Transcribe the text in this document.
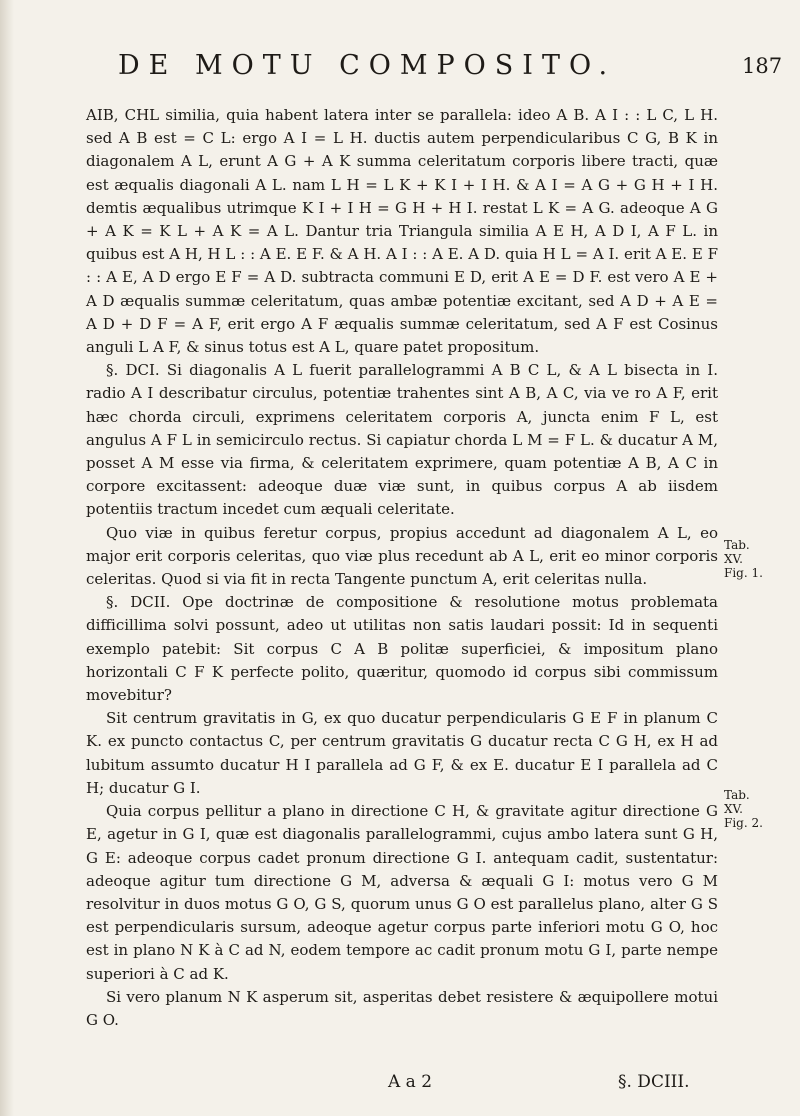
DE MOTU COMPOSITO.	187

AIB, CHL similia, quia habent latera inter se parallela: ideo A B. A I : : L C, L H. sed A B est = C L: ergo A I = L H. ductis autem perpendicularibus C G, B K in diagonalem A L, erunt A G + A K summa celeritatum corporis libere tracti, quæ est æqualis diagonali A L. nam L H = L K + K I + I H. & A I = A G + G H + I H. demtis æqualibus utrimque K I + I H = G H + H I. restat L K = A G. adeoque A G + A K = K L + A K = A L. Dantur tria Triangula similia A E H, A D I, A F L. in quibus est A H, H L : : A E. E F. & A H. A I : : A E. A D. quia H L = A I. erit A E. E F : : A E, A D ergo E F = A D. subtracta communi E D, erit A E = D F. est vero A E + A D æqualis summæ celeritatum, quas ambæ potentiæ excitant, sed A D + A E = A D + D F = A F, erit ergo A F æqualis summæ celeritatum, sed A F est Cosinus anguli L A F, & sinus totus est A L, quare patet propositum.

§. DCI. Si diagonalis A L fuerit parallelogrammi A B C L, & A L bisecta in I. radio A I describatur circulus, potentiæ trahentes sint A B, A C, via ve ro A F, erit hæc chorda circuli, exprimens celeritatem corporis A, juncta enim F L, est angulus A F L in semicirculo rectus. Si capiatur chorda L M = F L. & ducatur A M, posset A M esse via firma, & celeritatem exprimere, quam potentiæ A B, A C in corpore excitassent: adeoque duæ viæ sunt, in quibus corpus A ab iisdem potentiis tractum incedet cum æquali celeritate.

Quo viæ in quibus feretur corpus, propius accedunt ad diagonalem A L, eo major erit corporis celeritas, quo viæ plus recedunt ab A L, erit eo minor corporis celeritas. Quod si via fit in recta Tangente punctum A, erit celeritas nulla.

§. DCII. Ope doctrinæ de compositione & resolutione motus problemata difficillima solvi possunt, adeo ut utilitas non satis laudari possit: Id in sequenti exemplo patebit: Sit corpus C A B politæ superficiei, & impositum plano horizontali C F K perfecte polito, quæritur, quomodo id corpus sibi commissum movebitur?

Sit centrum gravitatis in G, ex quo ducatur perpendicularis G E F in planum C K. ex puncto contactus C, per centrum gravitatis G ducatur recta C G H, ex H ad lubitum assumto ducatur H I parallela ad G F, & ex E. ducatur E I parallela ad C H; ducatur G I.

Quia corpus pellitur a plano in directione C H, & gravitate agitur directione G E, agetur in G I, quæ est diagonalis parallelogrammi, cujus ambo latera sunt G H, G E: adeoque corpus cadet pronum directione G I. antequam cadit, sustentatur: adeoque agitur tum directione G M, adversa & æquali G I: motus vero G M resolvitur in duos motus G O, G S, quorum unus G O est parallelus plano, alter G S est perpendicularis sursum, adeoque agetur corpus parte inferiori motu G O, hoc est in plano N K à C ad N, eodem tempore ac cadit pronum motu G I, parte nempe superiori à C ad K.

Si vero planum N K asperum sit, asperitas debet resistere & æquipollere motui G O.

Tab.
XV.
Fig. 1.
Tab.
XV.
Fig. 2.
A a 2	§. DCIII.
